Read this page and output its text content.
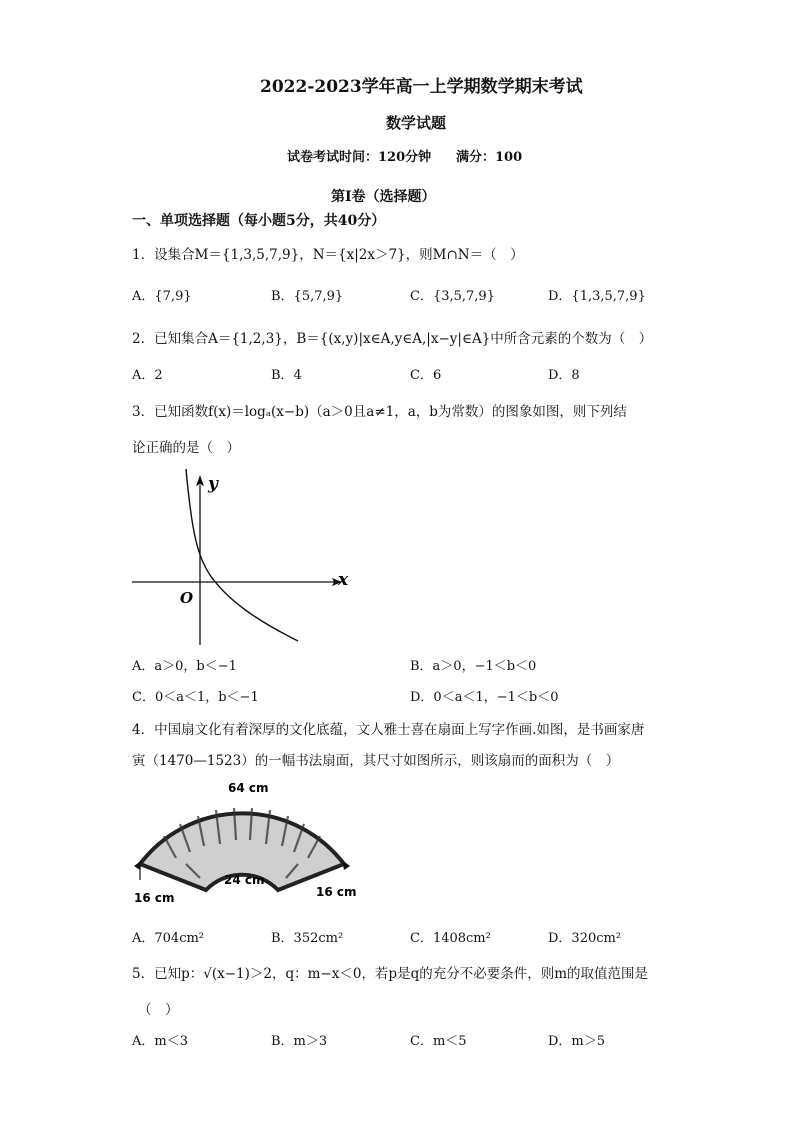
2022-2023学年高一上学期数学期末考试
数学试题
试卷考试时间：120分钟 满分：100
第Ⅰ卷（选择题）
一、单项选择题（每小题5分，共40分）
1．设集合M＝{1,3,5,7,9}，N＝{x|2x＞7}，则M∩N＝（　）
A．{7,9}	B．{5,7,9}	C．{3,5,7,9}	D．{1,3,5,7,9}
2．已知集合A＝{1,2,3}，B＝{(x,y)|x∈A,y∈A,|x−y|∈A}中所含元素的个数为（　）
A．2	B．4	C．6	D．8
3．已知函数f(x)＝logₐ(x−b)（a＞0且a≠1，a，b为常数）的图象如图，则下列结
论正确的是（　）
y
x
O
A．a＞0，b＜−1	B．a＞0，−1＜b＜0
C．0＜a＜1，b＜−1	D．0＜a＜1，−1＜b＜0
4．中国扇文化有着深厚的文化底蕴，文人雅士喜在扇面上写字作画.如图，是书画家唐
寅（1470—1523）的一幅书法扇面，其尺寸如图所示，则该扇而的面积为（　）
64 cm
24 cm
16 cm	16 cm
A．704cm²	B．352cm²	C．1408cm²	D．320cm²
5．已知p：√(x−1)＞2，q：m−x＜0，若p是q的充分不必要条件，则m的取值范围是
（　）
A．m＜3	B．m＞3	C．m＜5	D．m＞5
